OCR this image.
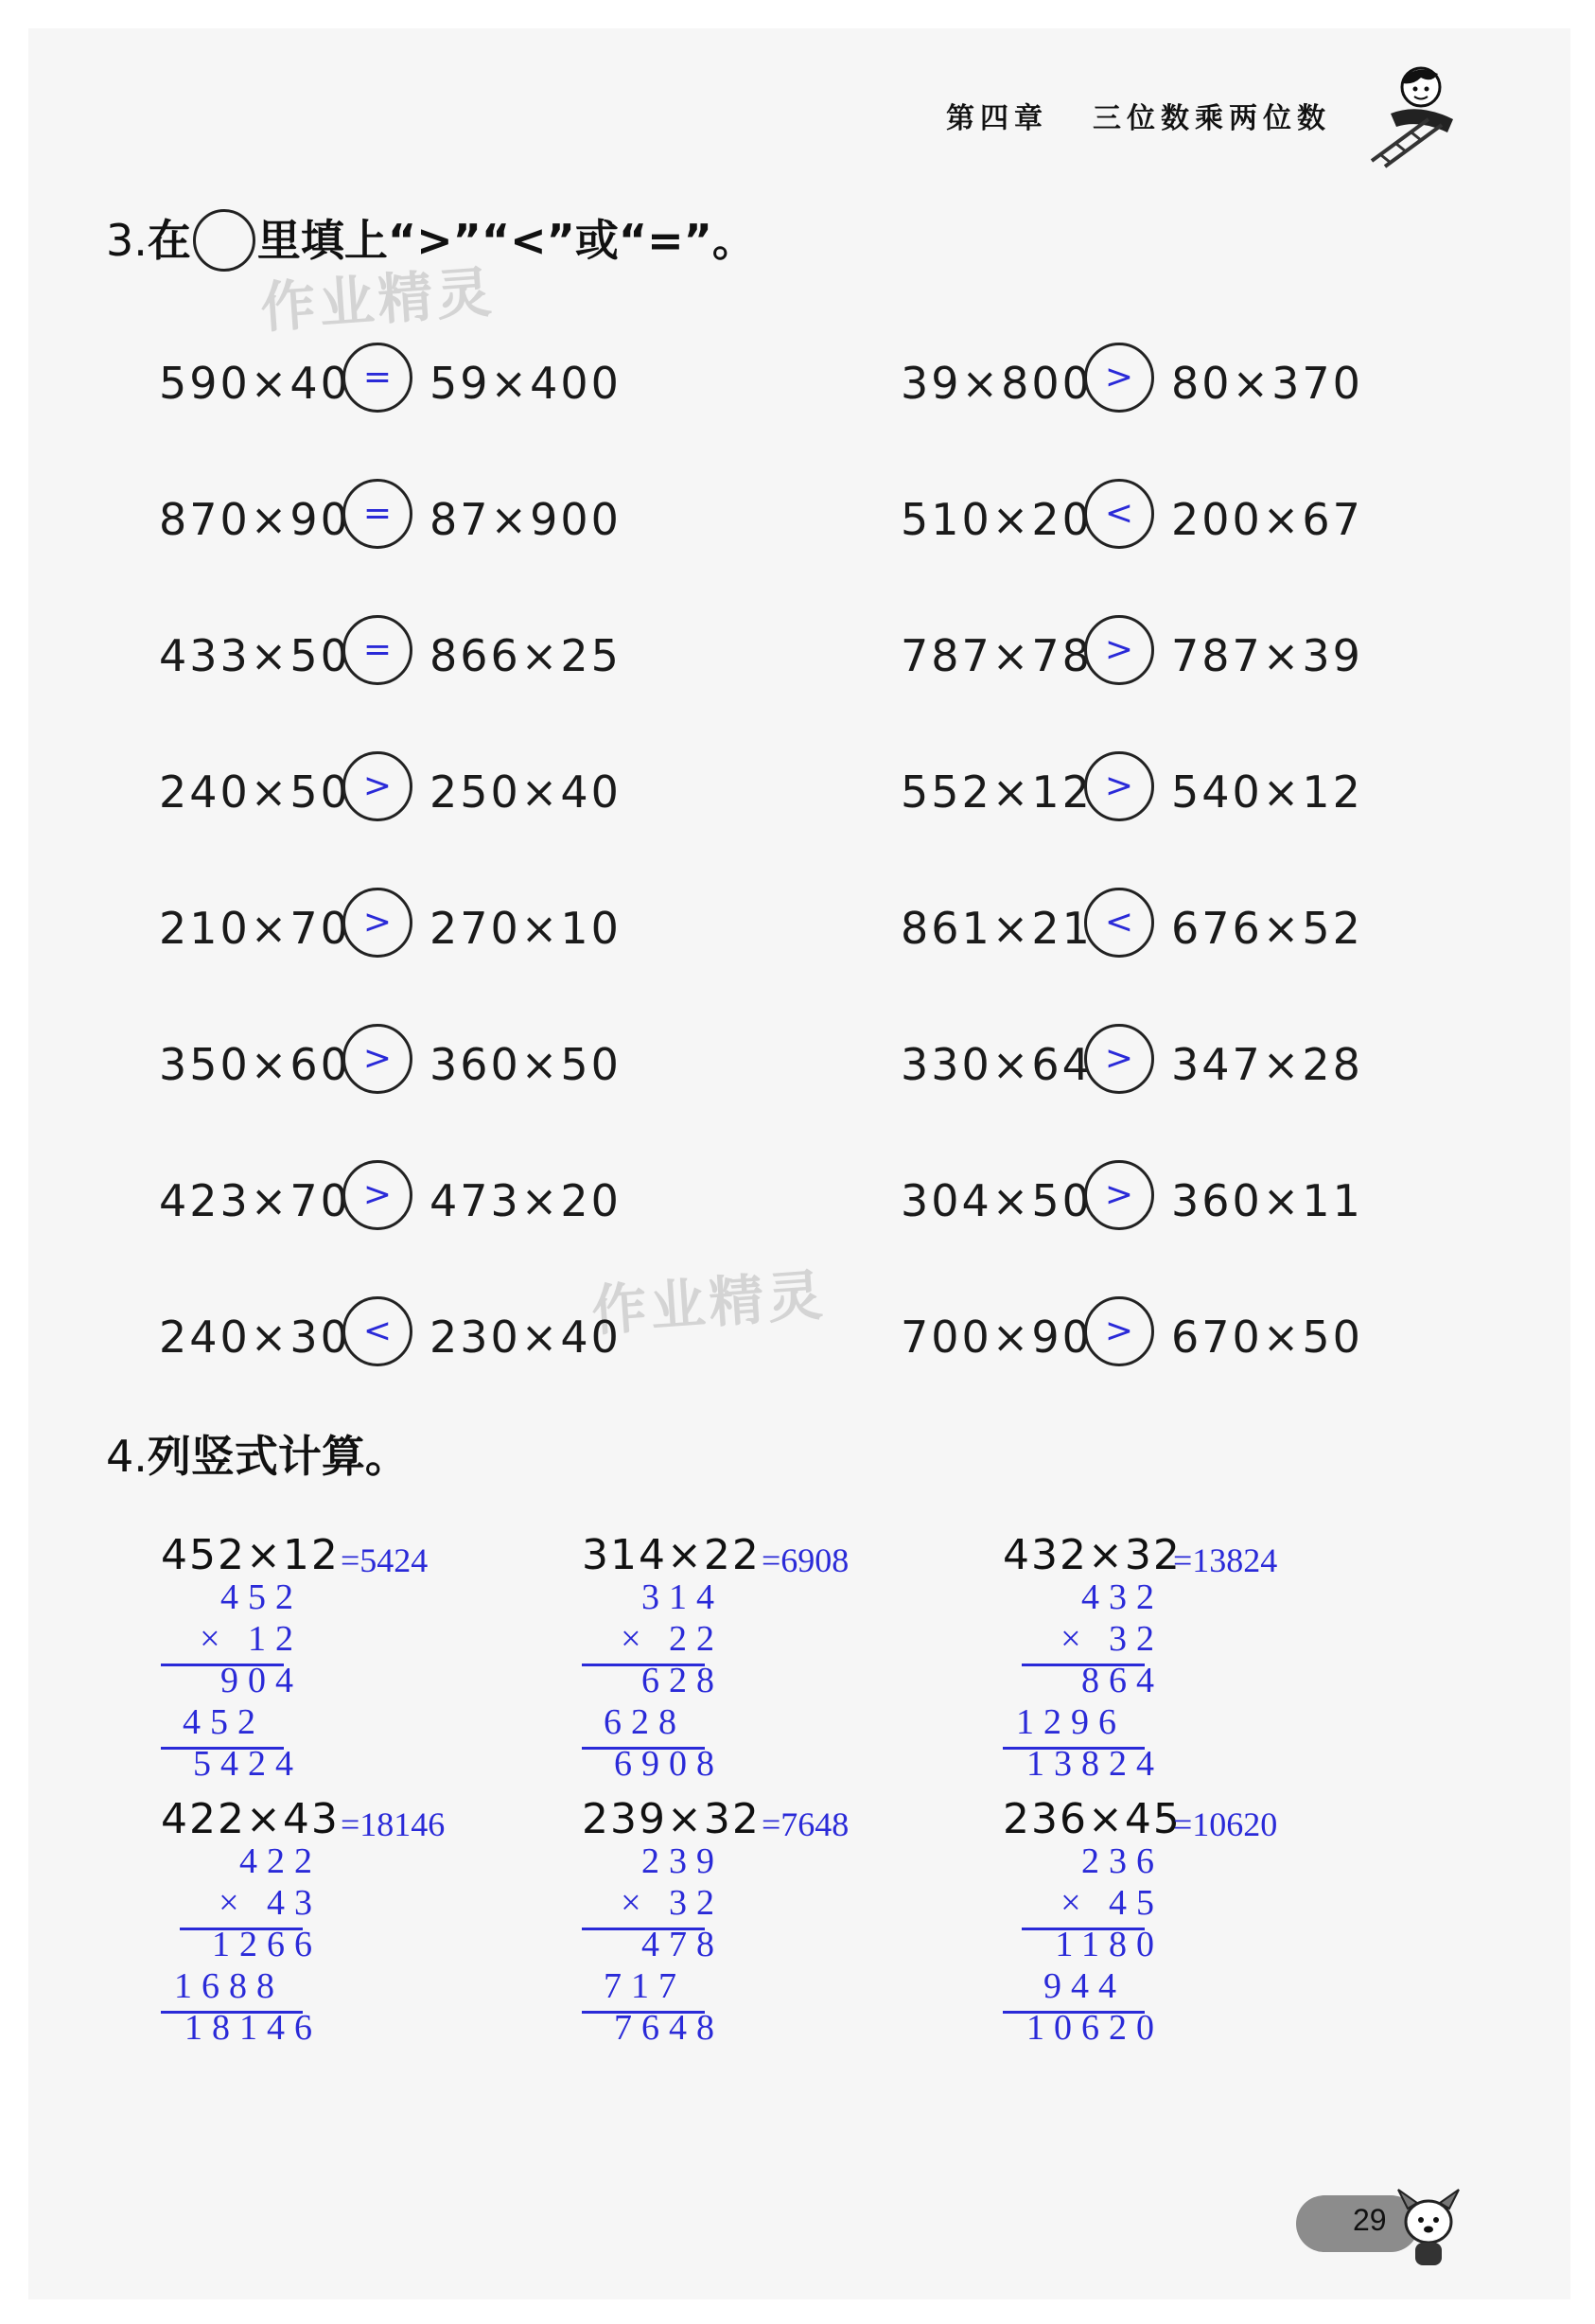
第四章 三位数乘两位数
3.在 里填上“>”“<”或“=”。
作业精灵
作业精灵
590×40 = 59×400	39×800 > 80×370
870×90 = 87×900	510×20 < 200×67
433×50 = 866×25	787×78 > 787×39
240×50 > 250×40	552×12 > 540×12
210×70 > 270×10	861×21 < 676×52
350×60 > 360×50	330×64 > 347×28
423×70 > 473×20	304×50 > 360×11
240×30 < 230×40	700×90 > 670×50
4.列竖式计算。
452×12 =5424
452
× 12
904
452
5424
314×22 =6908
314
× 22
628
628
6908
432×32
=13824
432
× 32
864
1296
13824
422×43 =18146
422
× 43
1266
1688
18146
239×32 =7648
239
× 32
478
717
7648
236×45
=10620
236
× 45
1180
944
10620
29
